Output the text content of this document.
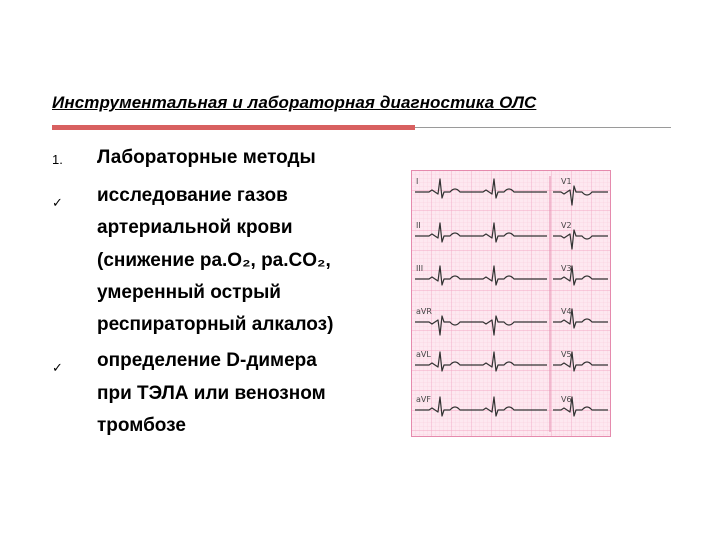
Инструментальная и лабораторная диагностика ОЛС
1. Лабораторные методы
✓ исследование газов
артериальной крови
(снижение ра.O₂, ра.CO₂,
умеренный острый
респираторный алкалоз)
✓ определение D-димера
при ТЭЛА или венозном
тромбозе
I
II
III
aVR
aVL
aVF
V1
V2
V3
V4
V5
V6
